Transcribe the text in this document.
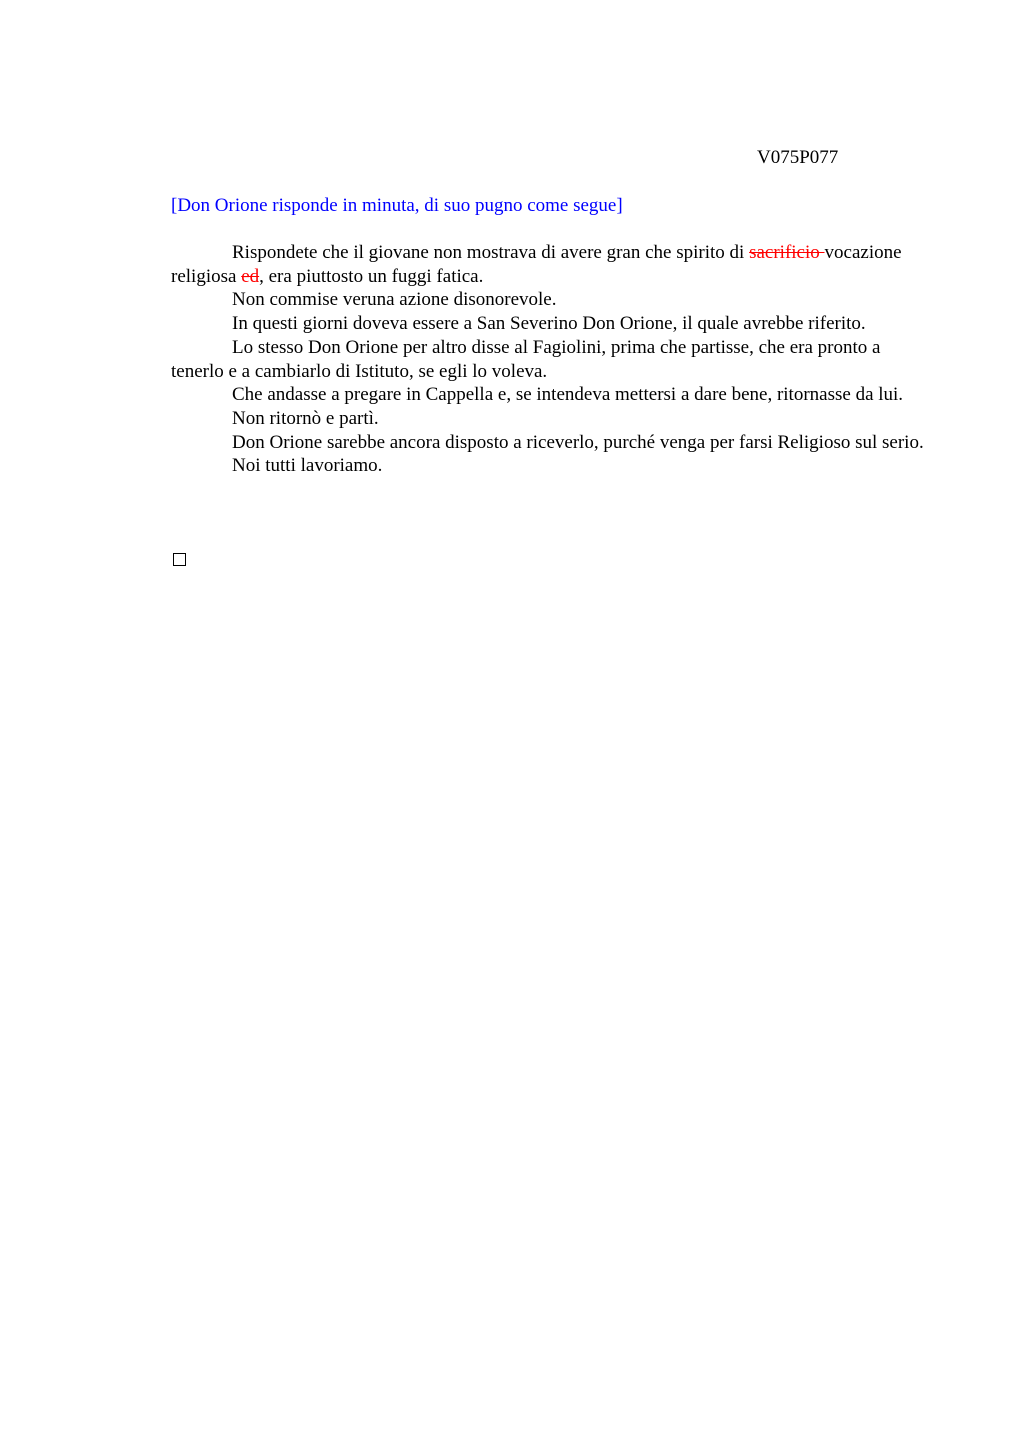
V075P077
[Don Orione risponde in minuta, di suo pugno come segue]

Rispondete che il giovane non mostrava di avere gran che spirito di sacrificio vocazione religiosa ed, era piuttosto un fuggi fatica.

Non commise veruna azione disonorevole.

In questi giorni doveva essere a San Severino Don Orione, il quale avrebbe riferito.

Lo stesso Don Orione per altro disse al Fagiolini, prima che partisse, che era pronto a tenerlo e a cambiarlo di Istituto, se egli lo voleva.

Che andasse a pregare in Cappella e, se intendeva mettersi a dare bene, ritornasse da lui.

Non ritornò e partì.

Don Orione sarebbe ancora disposto a riceverlo, purché venga per farsi Religioso sul serio.

Noi tutti lavoriamo.
